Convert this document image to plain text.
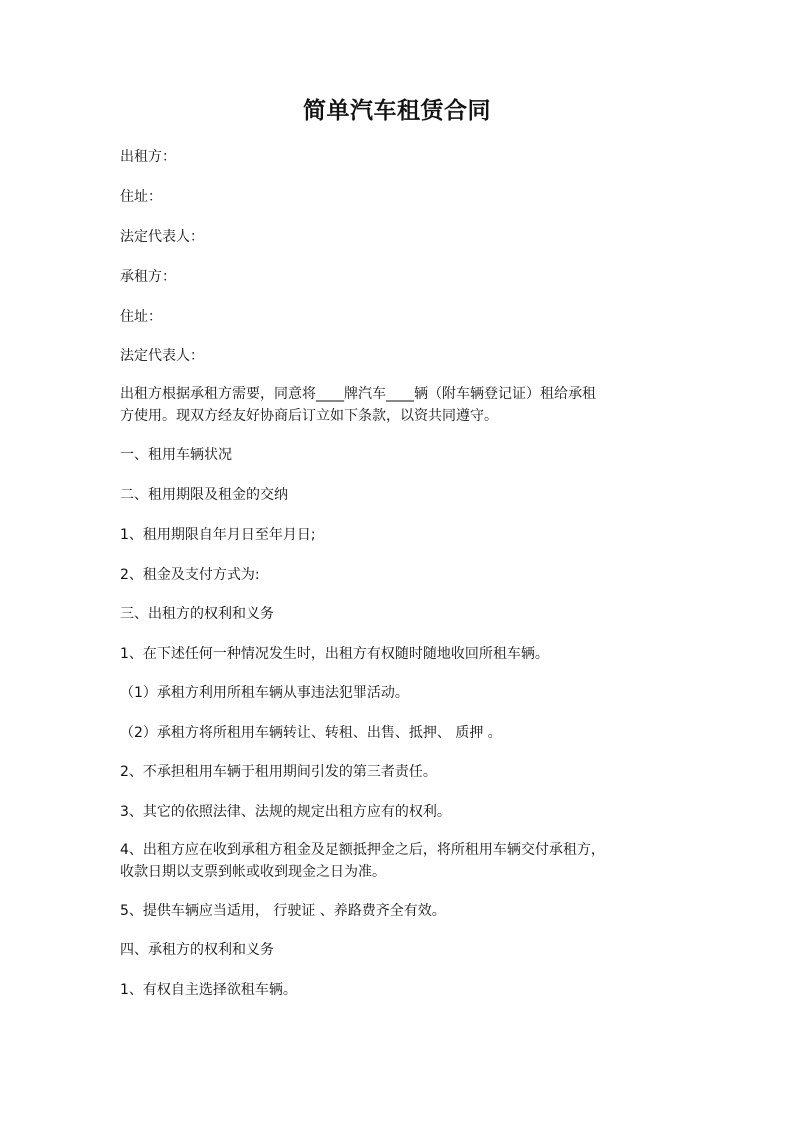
简单汽车租赁合同

出租方：

住址：

法定代表人：

承租方：

住址：

法定代表人：

出租方根据承租方需要，同意将____牌汽车____辆（附车辆登记证）租给承租
方使用。现双方经友好协商后订立如下条款，以资共同遵守。

一、租用车辆状况

二、租用期限及租金的交纳

1、租用期限自年月日至年月日;

2、租金及支付方式为:

三、出租方的权利和义务

1、在下述任何一种情况发生时，出租方有权随时随地收回所租车辆。

（1）承租方利用所租车辆从事违法犯罪活动。

（2）承租方将所租用车辆转让、转租、出售、抵押、 质押 。

2、不承担租用车辆于租用期间引发的第三者责任。

3、其它的依照法律、法规的规定出租方应有的权利。

4、出租方应在收到承租方租金及足额抵押金之后，将所租用车辆交付承租方，
收款日期以支票到帐或收到现金之日为准。

5、提供车辆应当适用， 行驶证 、养路费齐全有效。

四、承租方的权利和义务

1、有权自主选择欲租车辆。
